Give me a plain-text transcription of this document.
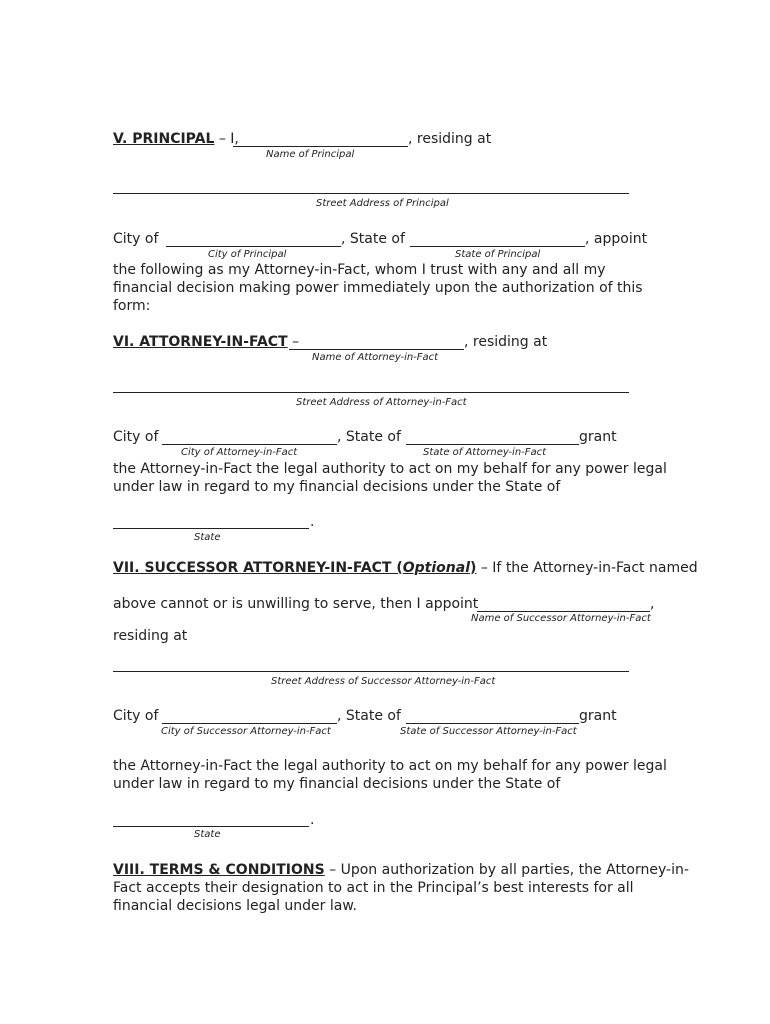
V. PRINCIPAL – I,	, residing at
Name of Principal
Street Address of Principal
City of	, State of	, appoint
City of Principal	State of Principal
the following as my Attorney-in-Fact, whom I trust with any and all my
financial decision making power immediately upon the authorization of this
form:
VI. ATTORNEY-IN-FACT –	, residing at
Name of Attorney-in-Fact
Street Address of Attorney-in-Fact
City of	, State of	grant
City of Attorney-in-Fact	State of Attorney-in-Fact
the Attorney-in-Fact the legal authority to act on my behalf for any power legal
under law in regard to my financial decisions under the State of
.
State
VII. SUCCESSOR ATTORNEY-IN-FACT (Optional) – If the Attorney-in-Fact named
above cannot or is unwilling to serve, then I appoint	,
Name of Successor Attorney-in-Fact
residing at
Street Address of Successor Attorney-in-Fact
City of	, State of	grant
City of Successor Attorney-in-Fact	State of Successor Attorney-in-Fact
the Attorney-in-Fact the legal authority to act on my behalf for any power legal
under law in regard to my financial decisions under the State of
.
State
VIII. TERMS & CONDITIONS – Upon authorization by all parties, the Attorney-in-
Fact accepts their designation to act in the Principal’s best interests for all
financial decisions legal under law.
